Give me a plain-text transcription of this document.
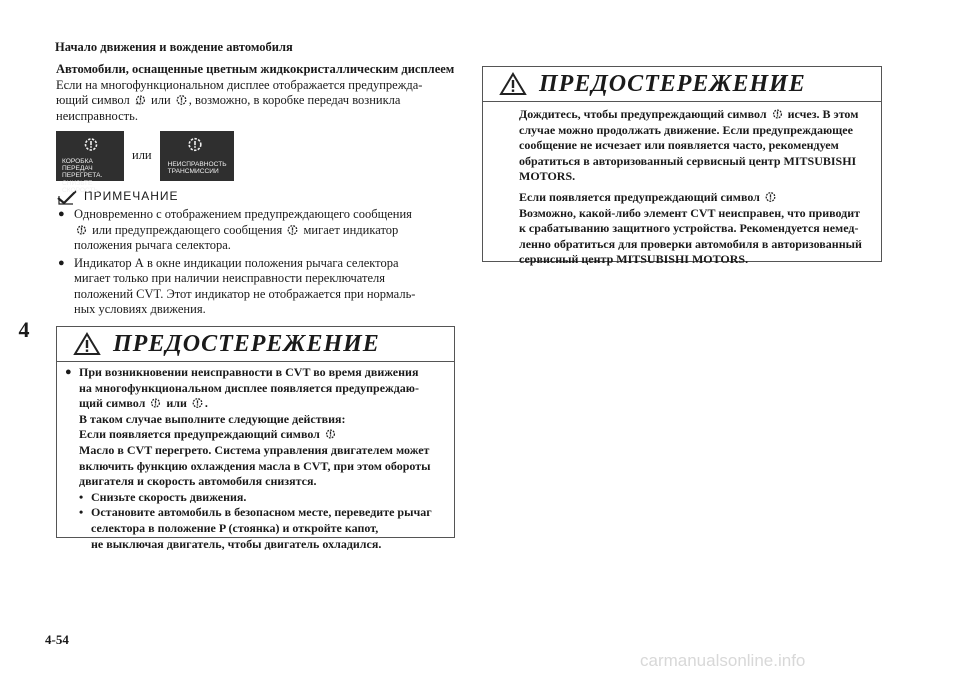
Начало движения и вождение автомобиля
4
4-54
carmanualsonline.info
Автомобили, оснащенные цветным жидкокристаллическим дисплеем

Если на многофункциональном дисплее отображается предупрежда-

ющий символ или , возможно, в коробке передач возникла

неисправность.

КОРОБКА ПЕРЕДАЧ
ПЕРЕГРЕТА.
СНИЗЬТЕ СКОРОСТЬ
или
НЕИСПРАВНОСТЬ
ТРАНСМИССИИ
ПРИМЕЧАНИЕ
● Одновременно с отображением предупреждающего сообщения
или предупреждающего сообщения мигает индикатор
положения рычага селектора.
● Индикатор А в окне индикации положения рычага селектора
мигает только при наличии неисправности переключателя
положений CVT. Этот индикатор не отображается при нормаль-
ных условиях движения.
ПРЕДОСТЕРЕЖЕНИЕ
● При возникновении неисправности в CVT во время движения
на многофункциональном дисплее появляется предупреждаю-
щий символ или .
В таком случае выполните следующие действия:
Если появляется предупреждающий символ
Масло в CVT перегрето. Система управления двигателем может
включить функцию охлаждения масла в CVT, при этом обороты
двигателя и скорость автомобиля снизятся.
• Снизьте скорость движения.
• Остановите автомобиль в безопасном месте, переведите рычаг
селектора в положение P (стоянка) и откройте капот,
не выключая двигатель, чтобы двигатель охладился.
ПРЕДОСТЕРЕЖЕНИЕ

Дождитесь, чтобы предупреждающий символ исчез. В этом
случае можно продолжать движение. Если предупреждающее
сообщение не исчезает или появляется часто, рекомендуем
обратиться в авторизованный сервисный центр MITSUBISHI
MOTORS.

Если появляется предупреждающий символ
Возможно, какой-либо элемент CVT неисправен, что приводит
к срабатыванию защитного устройства. Рекомендуется немед-
ленно обратиться для проверки автомобиля в авторизованный
сервисный центр MITSUBISHI MOTORS.
